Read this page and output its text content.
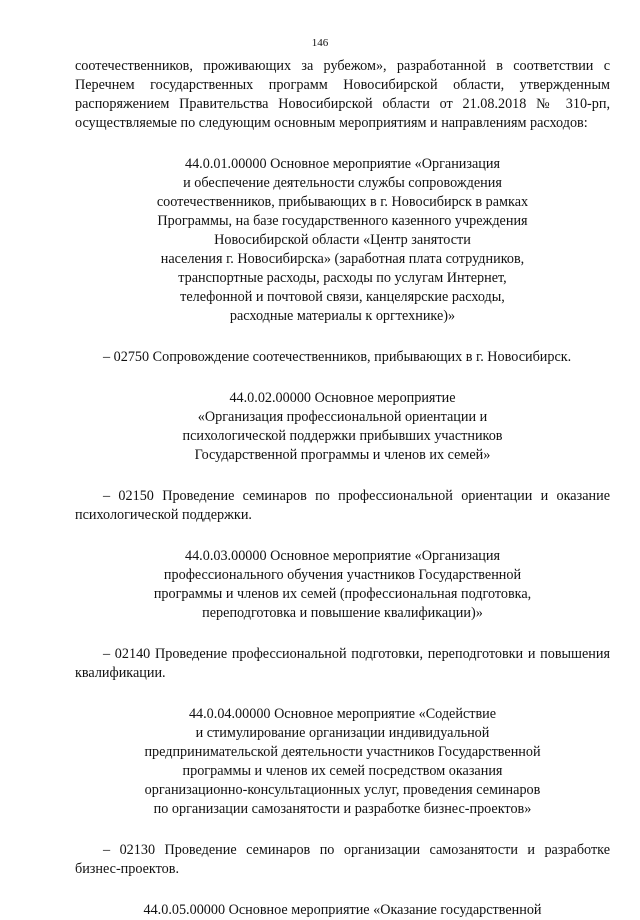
146

соотечественников, проживающих за рубежом», разработанной в соответствии с Перечнем государственных программ Новосибирской области, утвержденным распоряжением Правительства Новосибирской области от 21.08.2018 № 310-рп, осуществляемые по следующим основным мероприятиям и направлениям расходов:

44.0.01.00000 Основное мероприятие «Организация
и обеспечение деятельности службы сопровождения
соотечественников, прибывающих в г. Новосибирск в рамках
Программы, на базе государственного казенного учреждения
Новосибирской области «Центр занятости
населения г. Новосибирска» (заработная плата сотрудников,
транспортные расходы, расходы по услугам Интернет,
телефонной и почтовой связи, канцелярские расходы,
расходные материалы к оргтехнике)»

– 02750 Сопровождение соотечественников, прибывающих в г. Новосибирск.

44.0.02.00000 Основное мероприятие
«Организация профессиональной ориентации и
психологической поддержки прибывших участников
Государственной программы и членов их семей»

– 02150 Проведение семинаров по профессиональной ориентации и оказание психологической поддержки.

44.0.03.00000 Основное мероприятие «Организация
профессионального обучения участников Государственной
программы и членов их семей (профессиональная подготовка,
переподготовка и повышение квалификации)»

– 02140 Проведение профессиональной подготовки, переподготовки и повышения квалификации.

44.0.04.00000 Основное мероприятие «Содействие
и стимулирование организации индивидуальной
предпринимательской деятельности участников Государственной
программы и членов их семей посредством оказания
организационно-консультационных услуг, проведения семинаров
по организации самозанятости и разработке бизнес-проектов»

– 02130 Проведение семинаров по организации самозанятости и разработке бизнес-проектов.

44.0.05.00000 Основное мероприятие «Оказание государственной
